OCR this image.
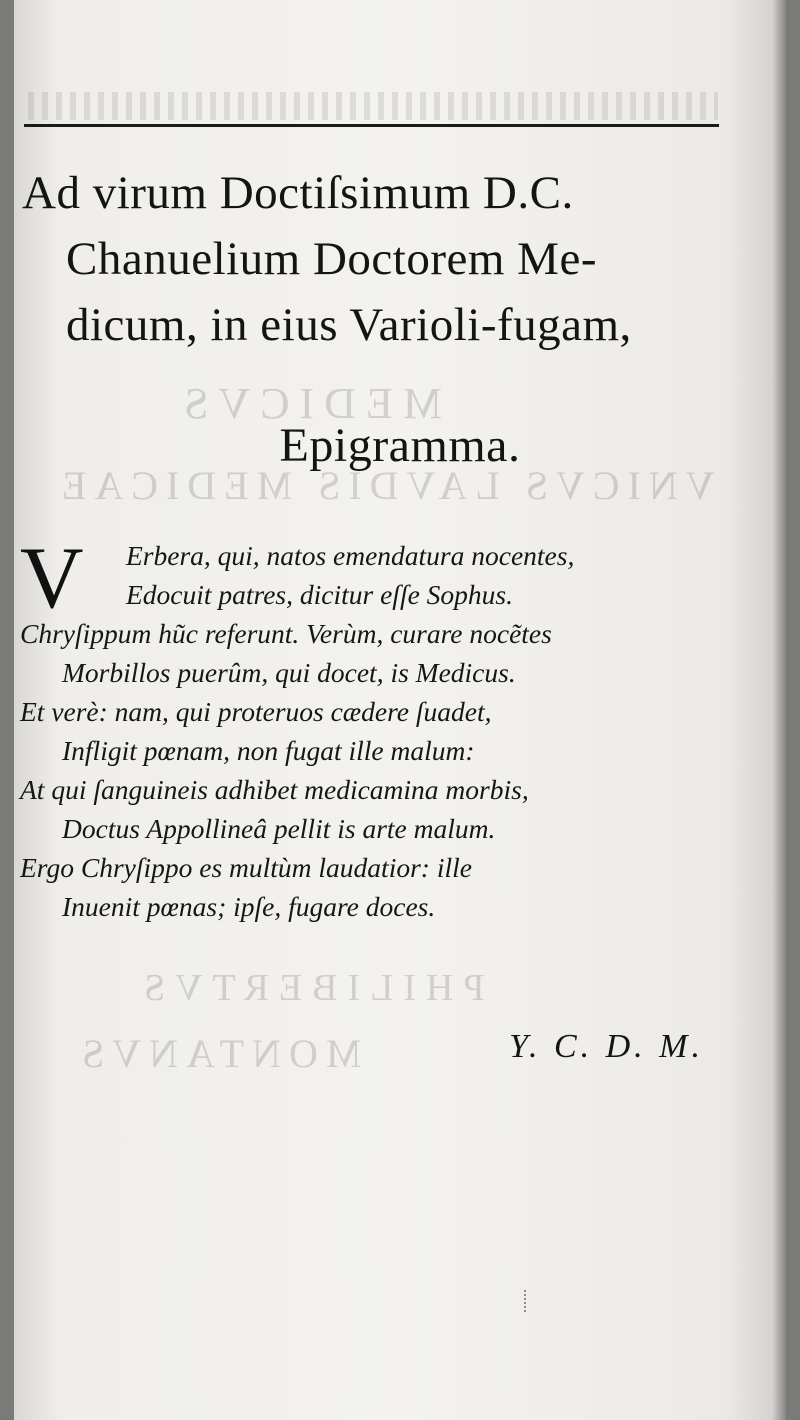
MEDICVS
VNICVS LAVDIS MEDICAE
PHILIBERTVS
MONTANVS
Ad virum Doctiſsimum D.C.
Chanuelium Doctorem Me-
dicum, in eius Varioli-fugam,
Epigramma.
V	Erbera, qui, natos emendatura nocentes,
Edocuit patres, dicitur eſſe Sophus.
Chryſippum hũc referunt. Verùm, curare nocẽtes
Morbillos puerûm, qui docet, is Medicus.
Et verè: nam, qui proteruos cædere ſuadet,
Infligit pœnam, non fugat ille malum:
At qui ſanguineis adhibet medicamina morbis,
Doctus Appollineâ pellit is arte malum.
Ergo Chryſippo es multùm laudatior: ille
Inuenit pœnas; ipſe, fugare doces.
Y. C. D. M.
